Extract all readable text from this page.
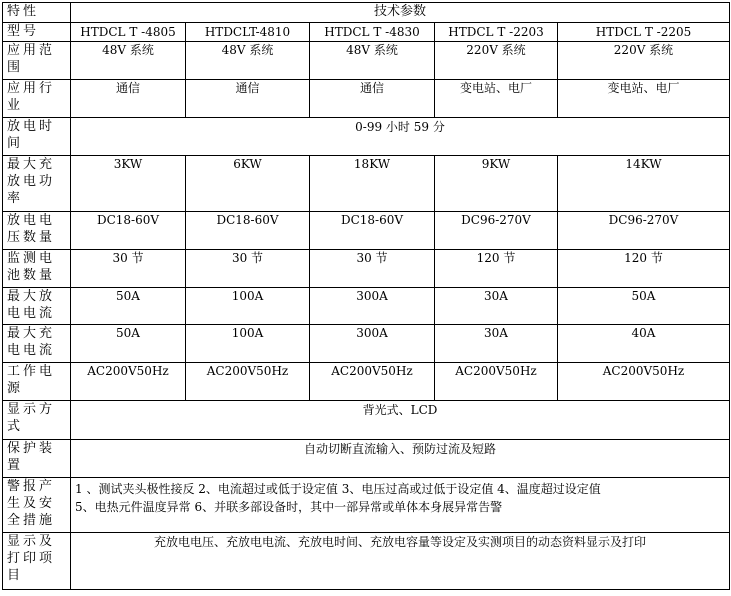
特性	技术参数				
型号	HTDCL T -4805	HTDCLT-4810	HTDCL T -4830	HTDCL T -2203	HTDCL T -2205
应用范围	48V 系统	48V 系统	48V 系统	220V 系统	220V 系统
应用行业	通信	通信	通信	变电站、电厂	变电站、电厂
放电时间	0-99 小时 59 分				
最大充放电功率	3KW	6KW	18KW	9KW	14KW
放电电压数量	DC18-60V	DC18-60V	DC18-60V	DC96-270V	DC96-270V
监测电池数量	30 节	30 节	30 节	120 节	120 节
最大放电电流	50A	100A	300A	30A	50A
最大充电电流	50A	100A	300A	30A	40A
工作电源	AC200V50Hz	AC200V50Hz	AC200V50Hz	AC200V50Hz	AC200V50Hz
显示方式	背光式、LCD				
保护装置	自动切断直流输入、预防过流及短路				
警报产生及安全措施	1 、测试夹头极性接反 2、电流超过或低于设定值 3、电压过高或过低于设定值 4、温度超过设定值
5、电热元件温度异常 6、并联多部设备时，其中一部异常或单体本身展异常告警				

显示及打印项目	充放电电压、充放电电流、充放电时间、充放电容量等设定及实测项目的动态资料显示及打印				
